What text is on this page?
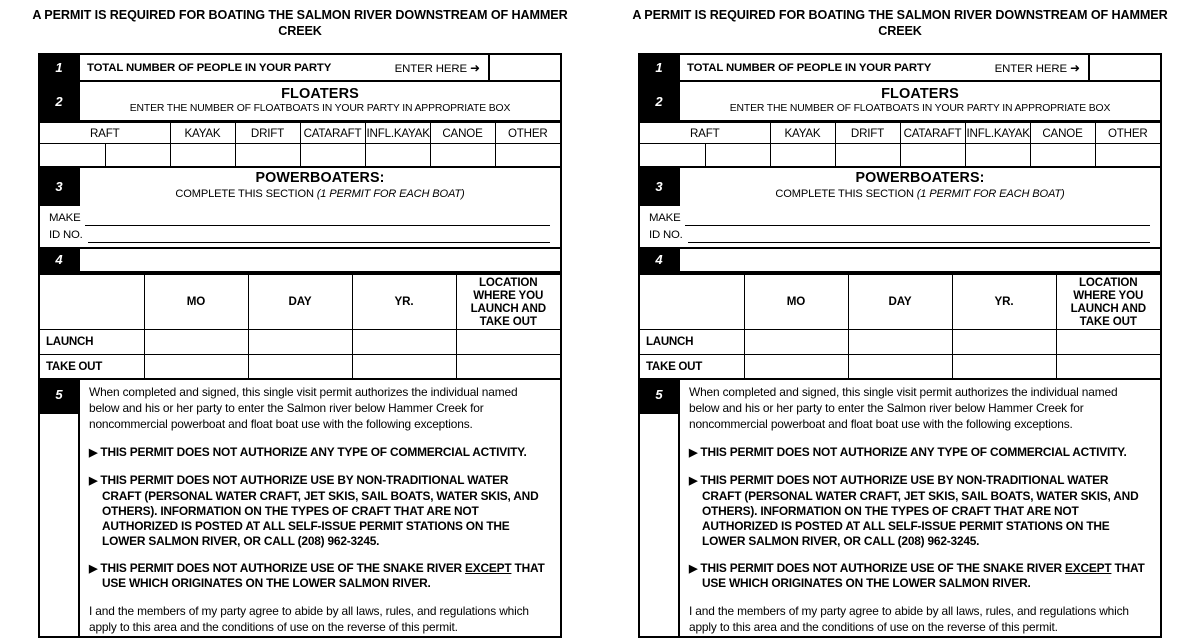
A PERMIT IS REQUIRED FOR BOATING THE SALMON RIVER DOWNSTREAM OF HAMMER CREEK
1	TOTAL NUMBER OF PEOPLE IN YOUR PARTY	ENTER HERE ➜
2	FLOATERS
ENTER THE NUMBER OF FLOATBOATS IN YOUR PARTY IN APPROPRIATE BOX
RAFT		KAYAK	DRIFT	CATARAFT	INFL.KAYAK	CANOE	OTHER

3
POWERBOATERS:
COMPLETE THIS SECTION (1 PERMIT FOR EACH BOAT)
MAKE
ID NO.
4
	MO	DAY	YR.	LOCATION WHERE YOU LAUNCH AND TAKE OUT
LAUNCH				
TAKE OUT				
5	When completed and signed, this single visit permit authorizes the individual named below and his or her party to enter the Salmon river below Hammer Creek for noncommercial powerboat and float boat use with the following exceptions.
▶ THIS PERMIT DOES NOT AUTHORIZE ANY TYPE OF COMMERCIAL ACTIVITY.
▶ THIS PERMIT DOES NOT AUTHORIZE USE BY NON-TRADITIONAL WATER CRAFT (PERSONAL WATER CRAFT, JET SKIS, SAIL BOATS, WATER SKIS, AND OTHERS). INFORMATION ON THE TYPES OF CRAFT THAT ARE NOT AUTHORIZED IS POSTED AT ALL SELF-ISSUE PERMIT STATIONS ON THE LOWER SALMON RIVER, OR CALL (208) 962-3245.
▶ THIS PERMIT DOES NOT AUTHORIZE USE OF THE SNAKE RIVER EXCEPT THAT USE WHICH ORIGINATES ON THE LOWER SALMON RIVER.
I and the members of my party agree to abide by all laws, rules, and regulations which apply to this area and the conditions of use on the reverse of this permit.
A PERMIT IS REQUIRED FOR BOATING THE SALMON RIVER DOWNSTREAM OF HAMMER CREEK
1	TOTAL NUMBER OF PEOPLE IN YOUR PARTY	ENTER HERE ➜
2	FLOATERS
ENTER THE NUMBER OF FLOATBOATS IN YOUR PARTY IN APPROPRIATE BOX
RAFT		KAYAK	DRIFT	CATARAFT	INFL.KAYAK	CANOE	OTHER

3
POWERBOATERS:
COMPLETE THIS SECTION (1 PERMIT FOR EACH BOAT)
MAKE
ID NO.
4
	MO	DAY	YR.	LOCATION WHERE YOU LAUNCH AND TAKE OUT
LAUNCH				
TAKE OUT				
5	When completed and signed, this single visit permit authorizes the individual named below and his or her party to enter the Salmon river below Hammer Creek for noncommercial powerboat and float boat use with the following exceptions.
▶ THIS PERMIT DOES NOT AUTHORIZE ANY TYPE OF COMMERCIAL ACTIVITY.
▶ THIS PERMIT DOES NOT AUTHORIZE USE BY NON-TRADITIONAL WATER CRAFT (PERSONAL WATER CRAFT, JET SKIS, SAIL BOATS, WATER SKIS, AND OTHERS). INFORMATION ON THE TYPES OF CRAFT THAT ARE NOT AUTHORIZED IS POSTED AT ALL SELF-ISSUE PERMIT STATIONS ON THE LOWER SALMON RIVER, OR CALL (208) 962-3245.
▶ THIS PERMIT DOES NOT AUTHORIZE USE OF THE SNAKE RIVER EXCEPT THAT USE WHICH ORIGINATES ON THE LOWER SALMON RIVER.
I and the members of my party agree to abide by all laws, rules, and regulations which apply to this area and the conditions of use on the reverse of this permit.
